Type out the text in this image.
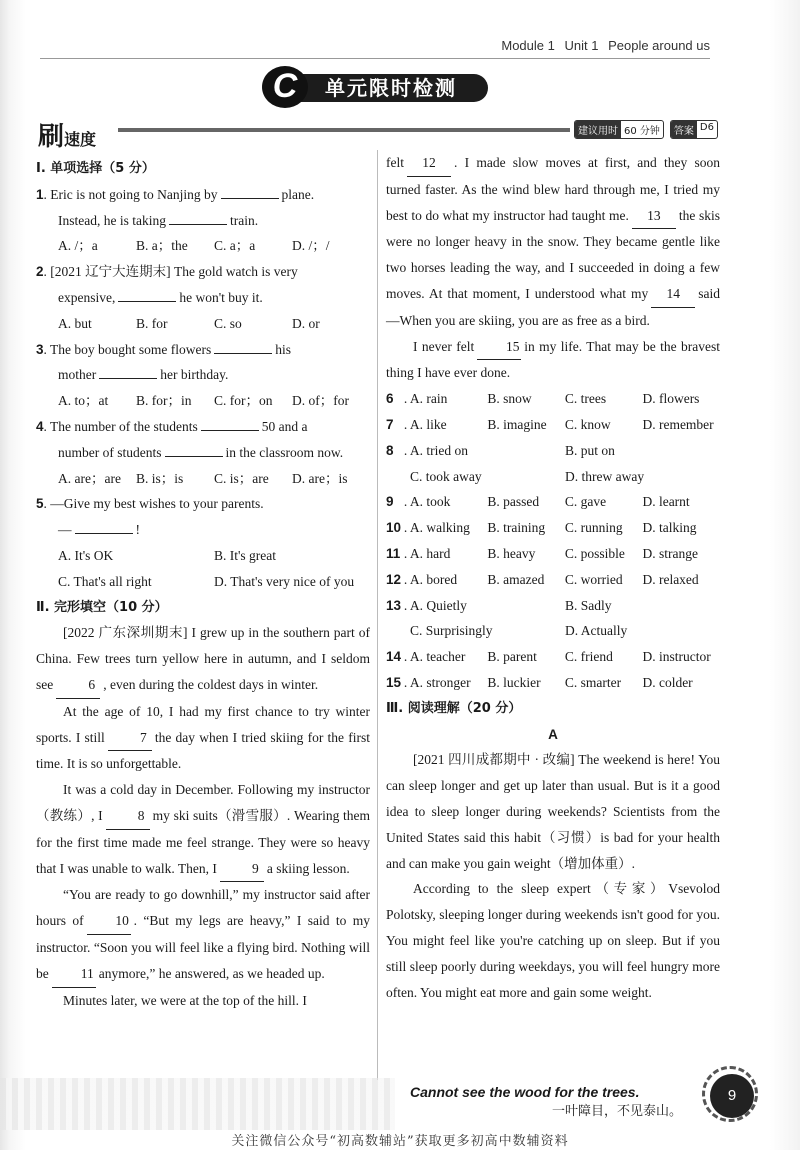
Module 1 Unit 1 People around us
单元限时检测
C
刷速度	建议用时 60 分钟	答案 D6
Ⅰ. 单项选择（5 分）
1. Eric is not going to Nanjing by	plane.
Instead, he is taking	train.
A. /；a	B. a；the	C. a；a	D. /；/
2. [2021 辽宁大连期末] The gold watch is very
expensive,	he won't buy it.
A. but	B. for	C. so	D. or
3. The boy bought some flowers	his
mother	her birthday.
A. to；at	B. for；in	C. for；on	D. of；for
4. The number of the students	50 and a
number of students	in the classroom now.
A. are；are	B. is；is	C. is；are	D. are；is
5. —Give my best wishes to your parents.
—	!
A. It's OK	B. It's great
C. That's all right	D. That's very nice of you
Ⅱ. 完形填空（10 分）
[2022 广东深圳期末] I grew up in the southern part of China. Few trees turn yellow here in autumn, and I seldom see	6 , even during the coldest days in winter.
At the age of 10, I had my first chance to try winter sports. I still	7 the day when I tried skiing for the first time. It is so unforgettable.
It was a cold day in December. Following my instructor（教练）, I	8 my ski suits（滑雪服）. Wearing them for the first time made me feel strange. They were so heavy that I was unable to walk. Then, I	9 a skiing lesson.
“You are ready to go downhill,” my instructor said after hours of 10 . “But my legs are heavy,” I said to my instructor. “Soon you will feel like a flying bird. Nothing will be 11 anymore,” he answered, as we headed up.
Minutes later, we were at the top of the hill. I
felt 12 . I made slow moves at first, and they soon turned faster. As the wind blew hard through me, I tried my best to do what my instructor had taught me. 13 the skis were no longer heavy in the snow. They became gentle like two horses leading the way, and I succeeded in doing a few moves. At that moment, I understood what my 14 said—When you are skiing, you are as free as a bird.
I never felt 15 in my life. That may be the bravest thing I have ever done.
6 . A. rain	B. snow	C. trees	D. flowers
7 . A. like	B. imagine	C. know	D. remember
8 . A. tried on	B. put on
C. took away	D. threw away
9 . A. took	B. passed	C. gave	D. learnt
10 . A. walking	B. training	C. running	D. talking
11 . A. hard	B. heavy	C. possible	D. strange
12 . A. bored	B. amazed	C. worried	D. relaxed
13 . A. Quietly	B. Sadly
C. Surprisingly	D. Actually
14 . A. teacher	B. parent	C. friend	D. instructor
15 . A. stronger	B. luckier	C. smarter	D. colder
Ⅲ. 阅读理解（20 分）
A
[2021 四川成都期中 · 改编] The weekend is here! You can sleep longer and get up later than usual. But is it a good idea to sleep longer during weekends? Scientists from the United States said this habit（习惯）is bad for your health and can make you gain weight（增加体重）.
According to the sleep expert（专家）Vsevolod Polotsky, sleeping longer during weekends isn't good for you. You might feel like you're catching up on sleep. But if you still sleep poorly during weekdays, you will feel hungry more often. You might eat more and gain some weight.
Cannot see the wood for the trees.
一叶障目，不见泰山。
9
关注微信公众号“初高数辅站”获取更多初高中数辅资料
